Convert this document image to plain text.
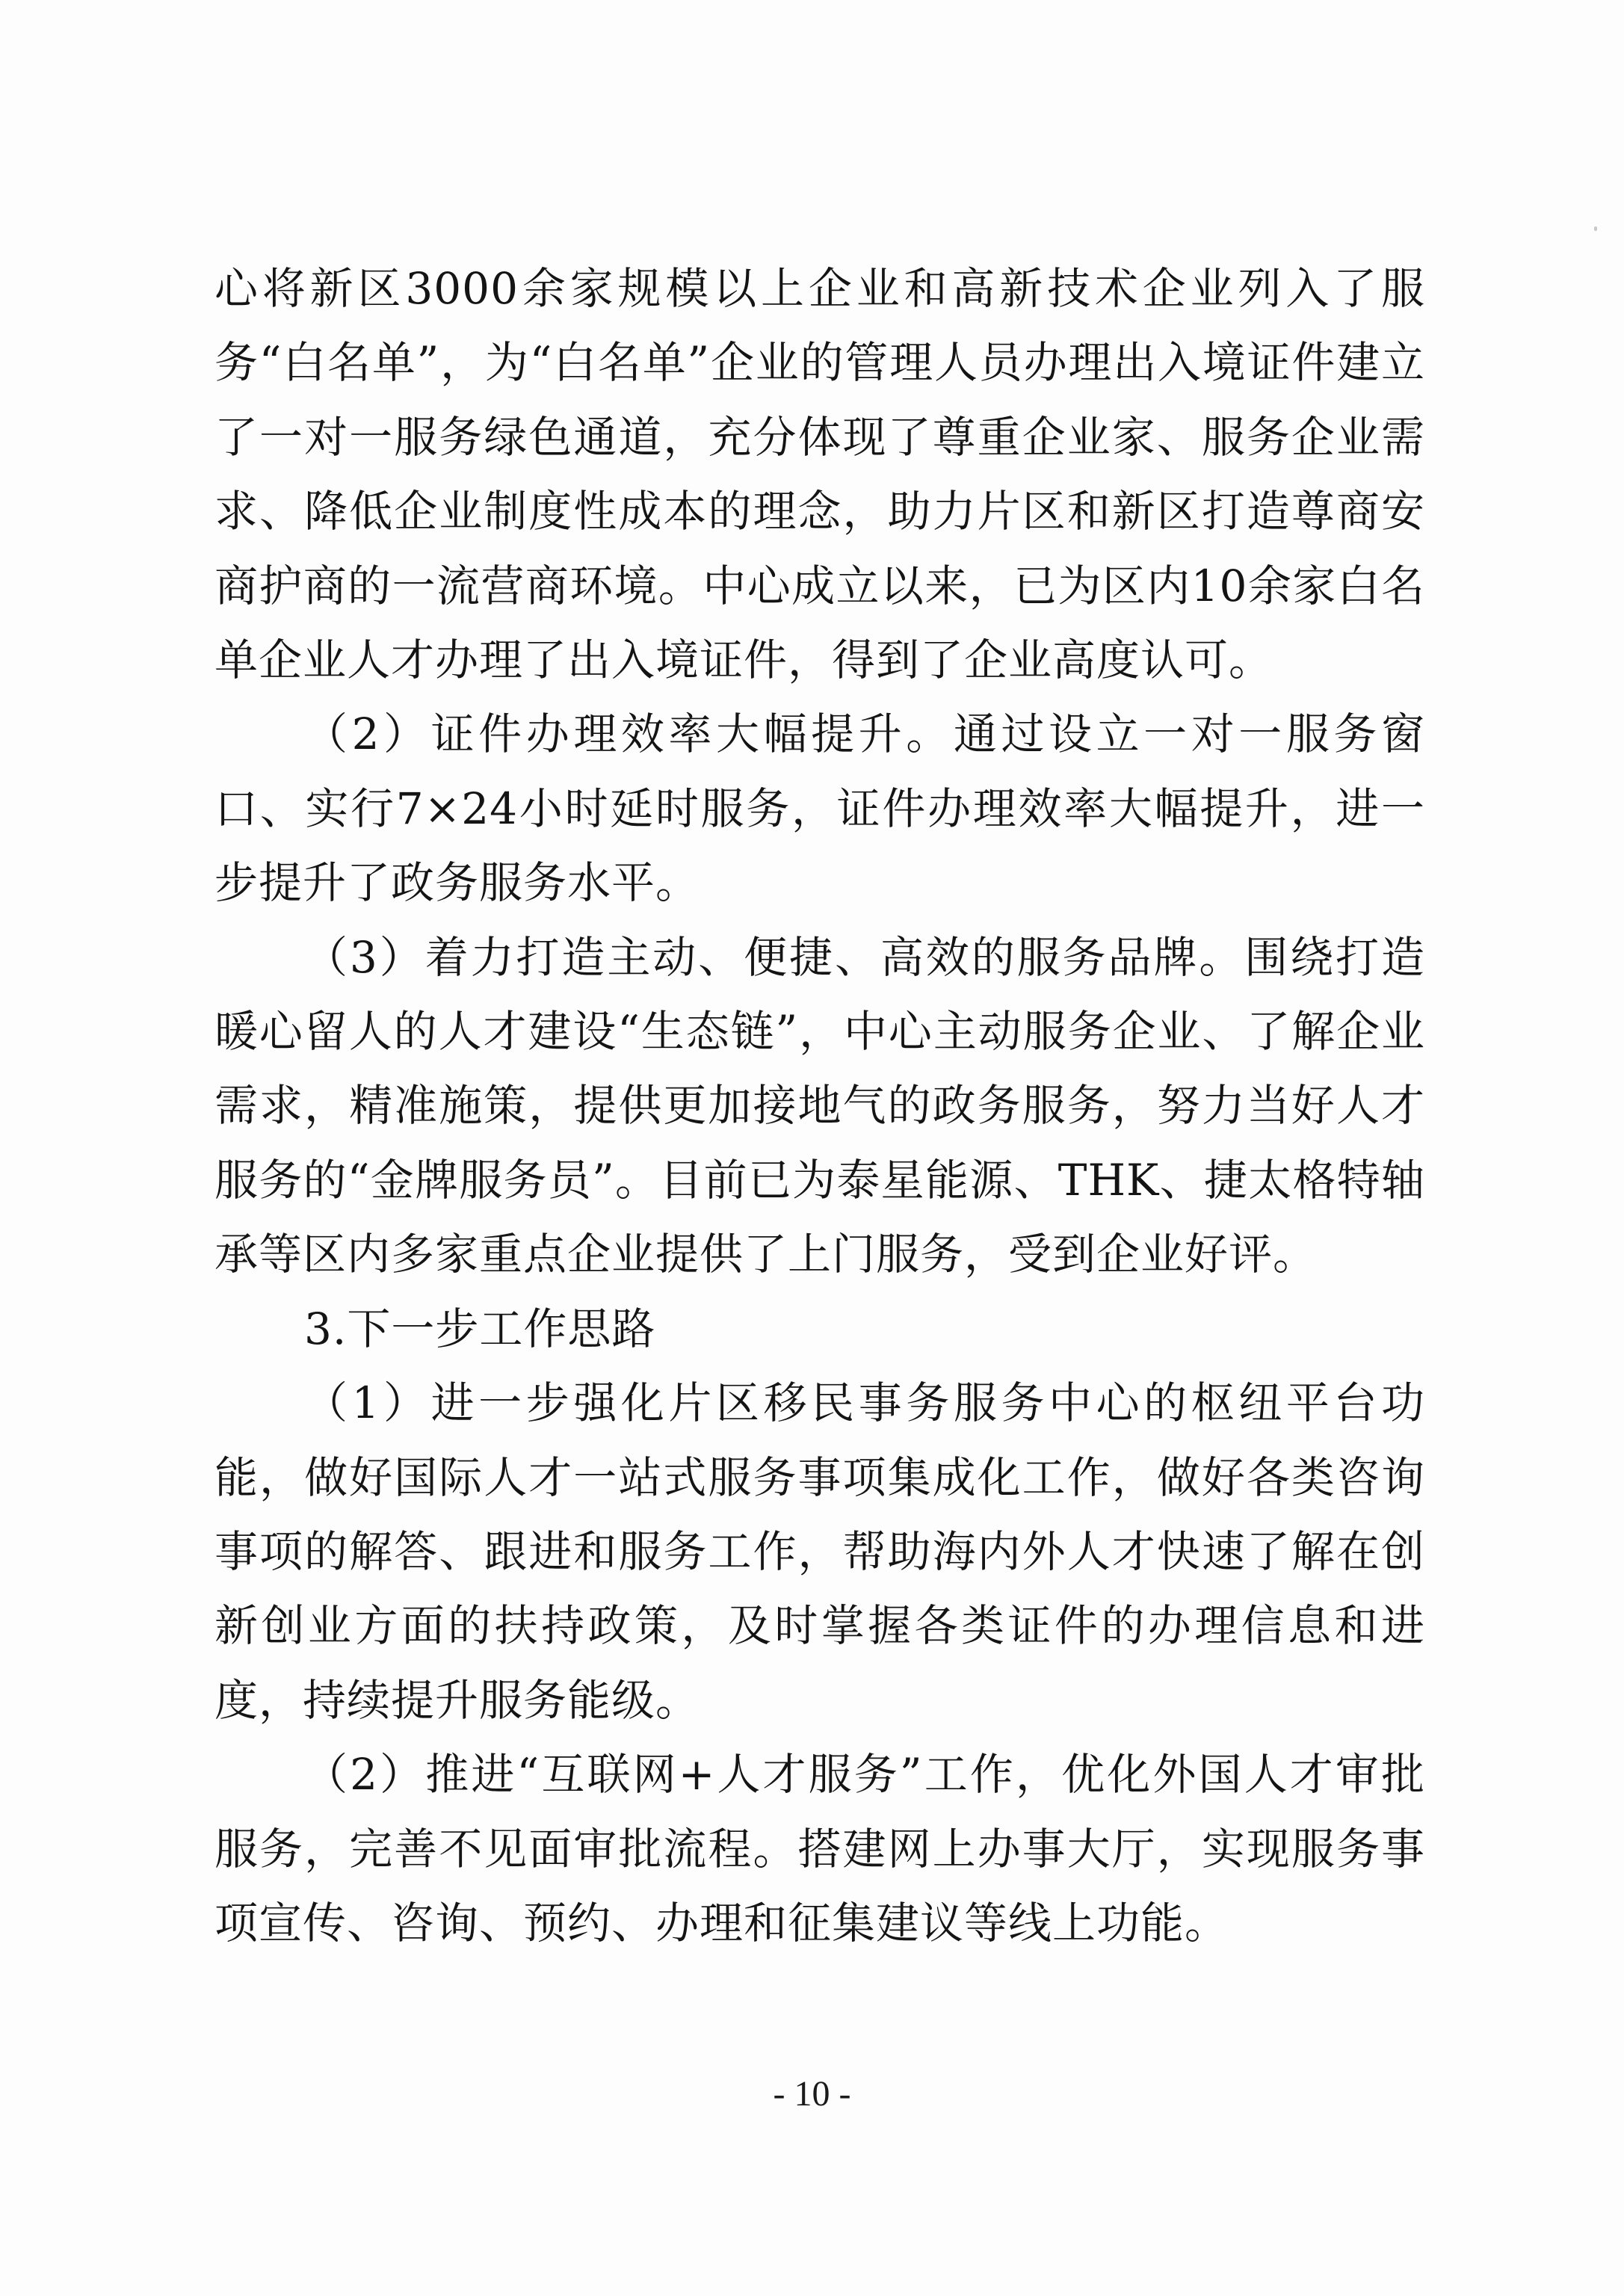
心将新区3000余家规模以上企业和高新技术企业列入了服务“白名单”，为“白名单”企业的管理人员办理出入境证件建立了一对一服务绿色通道，充分体现了尊重企业家、服务企业需求、降低企业制度性成本的理念，助力片区和新区打造尊商安商护商的一流营商环境。中心成立以来，已为区内10余家白名单企业人才办理了出入境证件，得到了企业高度认可。

（2）证件办理效率大幅提升。通过设立一对一服务窗口、实行7×24小时延时服务，证件办理效率大幅提升，进一步提升了政务服务水平。

（3）着力打造主动、便捷、高效的服务品牌。围绕打造暖心留人的人才建设“生态链”，中心主动服务企业、了解企业需求，精准施策，提供更加接地气的政务服务，努力当好人才服务的“金牌服务员”。目前已为泰星能源、THK、捷太格特轴承等区内多家重点企业提供了上门服务，受到企业好评。

3.下一步工作思路

（1）进一步强化片区移民事务服务中心的枢纽平台功能，做好国际人才一站式服务事项集成化工作，做好各类咨询事项的解答、跟进和服务工作，帮助海内外人才快速了解在创新创业方面的扶持政策，及时掌握各类证件的办理信息和进度，持续提升服务能级。

（2）推进“互联网+人才服务”工作，优化外国人才审批服务，完善不见面审批流程。搭建网上办事大厅，实现服务事项宣传、咨询、预约、办理和征集建议等线上功能。

- 10 -
